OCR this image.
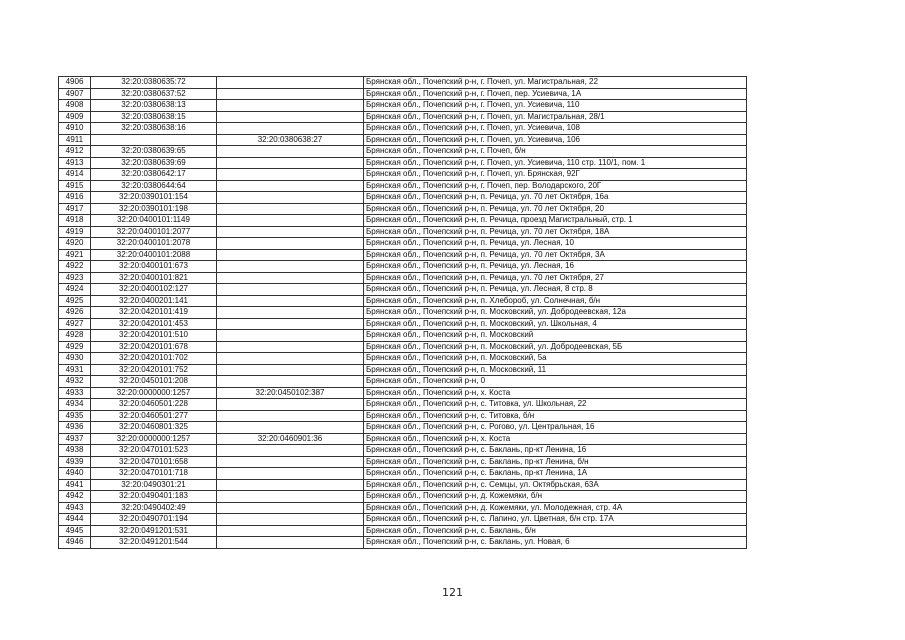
4906	32:20:0380635:72		Брянская обл., Почепский р-н, г. Почеп, ул. Магистральная, 22
4907	32:20:0380637:52		Брянская обл., Почепский р-н, г. Почеп, пер. Усиевича, 1А
4908	32:20:0380638:13		Брянская обл., Почепский р-н, г. Почеп, ул. Усиевича, 110
4909	32:20:0380638:15		Брянская обл., Почепский р-н, г. Почеп, ул. Магистральная, 28/1
4910	32:20:0380638:16		Брянская обл., Почепский р-н, г. Почеп, ул. Усиевича, 108
4911		32:20:0380638:27	Брянская обл., Почепский р-н, г. Почеп, ул. Усиевича, 106
4912	32:20:0380639:65		Брянская обл., Почепский р-н, г. Почеп, б/н
4913	32:20:0380639:69		Брянская обл., Почепский р-н, г. Почеп, ул. Усиевича, 110 стр. 110/1, пом. 1
4914	32:20:0380642:17		Брянская обл., Почепский р-н, г. Почеп, ул. Брянская, 92Г
4915	32:20:0380644:64		Брянская обл., Почепский р-н, г. Почеп, пер. Володарского, 20Г
4916	32:20:0390101:154		Брянская обл., Почепский р-н, п. Речица, ул. 70 лет Октября, 16а
4917	32:20:0390101:198		Брянская обл., Почепский р-н, п. Речица, ул. 70 лет Октября, 20
4918	32:20:0400101:1149		Брянская обл., Почепский р-н, п. Речица, проезд Магистральный, стр. 1
4919	32:20:0400101:2077		Брянская обл., Почепский р-н, п. Речица, ул. 70 лет Октября, 18А
4920	32:20:0400101:2078		Брянская обл., Почепский р-н, п. Речица, ул. Лесная, 10
4921	32:20:0400101:2088		Брянская обл., Почепский р-н, п. Речица, ул. 70 лет Октября, 3А
4922	32:20:0400101:673		Брянская обл., Почепский р-н, п. Речица, ул. Лесная, 16
4923	32:20:0400101:821		Брянская обл., Почепский р-н, п. Речица, ул. 70 лет Октября, 27
4924	32:20:0400102:127		Брянская обл., Почепский р-н, п. Речица, ул. Лесная, 8 стр. 8
4925	32:20:0400201:141		Брянская обл., Почепский р-н, п. Хлебороб, ул. Солнечная, б/н
4926	32:20:0420101:419		Брянская обл., Почепский р-н, п. Московский, ул. Добродеевская, 12а
4927	32:20:0420101:453		Брянская обл., Почепский р-н, п. Московский, ул. Школьная, 4
4928	32:20:0420101:510		Брянская обл., Почепский р-н, п. Московский
4929	32:20:0420101:678		Брянская обл., Почепский р-н, п. Московский, ул. Добродеевская, 5Б
4930	32:20:0420101:702		Брянская обл., Почепский р-н, п. Московский, 5а
4931	32:20:0420101:752		Брянская обл., Почепский р-н, п. Московский, 11
4932	32:20:0450101:208		Брянская обл., Почепский р-н, 0
4933	32:20:0000000:1257	32:20:0450102:387	Брянская обл., Почепский р-н, х. Коста
4934	32:20:0460501:228		Брянская обл., Почепский р-н, с. Титовка, ул. Школьная, 22
4935	32:20:0460501:277		Брянская обл., Почепский р-н, с. Титовка, б/н
4936	32:20:0460801:325		Брянская обл., Почепский р-н, с. Рогово, ул. Центральная, 16
4937	32:20:0000000:1257	32:20:0460901:36	Брянская обл., Почепский р-н, х. Коста
4938	32:20:0470101:523		Брянская обл., Почепский р-н, с. Баклань, пр-кт Ленина, 16
4939	32:20:0470101:658		Брянская обл., Почепский р-н, с. Баклань, пр-кт Ленина, б/н
4940	32:20:0470101:718		Брянская обл., Почепский р-н, с. Баклань, пр-кт Ленина, 1А
4941	32:20:0490301:21		Брянская обл., Почепский р-н, с. Семцы, ул. Октябрьская, 63А
4942	32:20:0490401:183		Брянская обл., Почепский р-н, д. Кожемяки, б/н
4943	32:20:0490402:49		Брянская обл., Почепский р-н, д. Кожемяки, ул. Молодежная, стр. 4А
4944	32:20:0490701:194		Брянская обл., Почепский р-н, с. Лапино, ул. Цветная, б/н стр. 17А
4945	32:20:0491201:531		Брянская обл., Почепский р-н, с. Баклань, б/н
4946	32:20:0491201:544		Брянская обл., Почепский р-н, с. Баклань, ул. Новая, 6
121
